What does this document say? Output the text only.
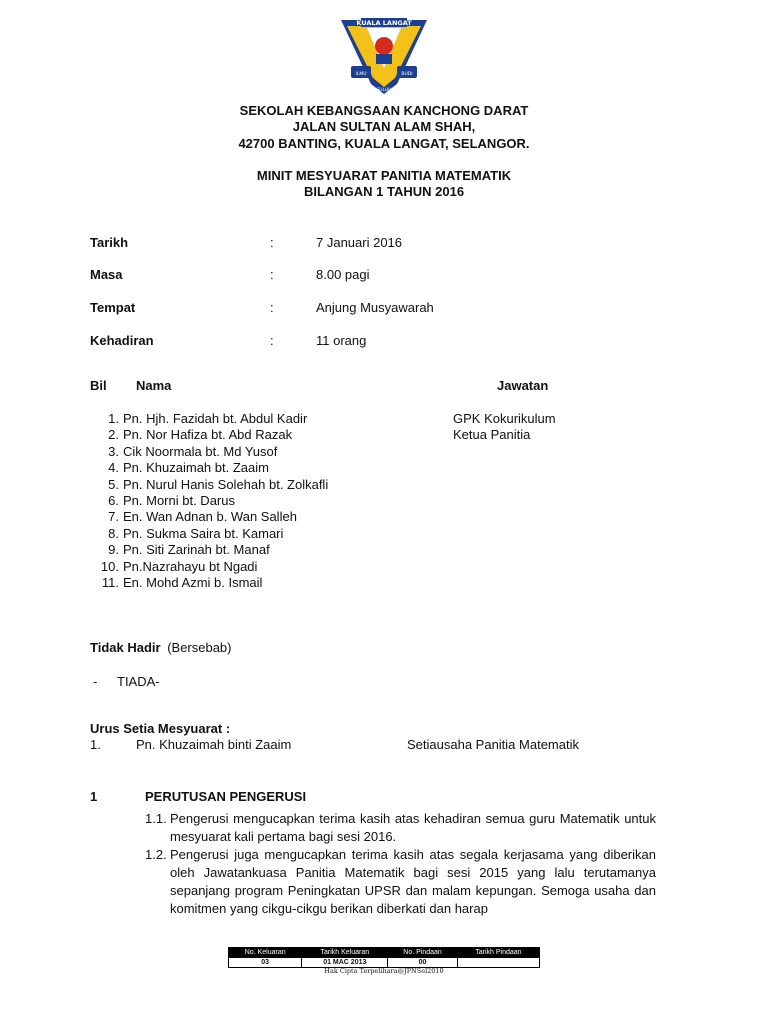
KUALA LANGAT
ILMU	BUDI
SULUH
SEKOLAH KEBANGSAAN KANCHONG DARAT
JALAN SULTAN ALAM SHAH,
42700 BANTING, KUALA LANGAT, SELANGOR.
MINIT MESYUARAT PANITIA MATEMATIK
BILANGAN 1 TAHUN 2016
Tarikh	:	7 Januari 2016
Masa	:	8.00 pagi
Tempat	:	Anjung Musyawarah
Kehadiran	:	11 orang
Bil Nama	Jawatan
1. Pn. Hjh. Fazidah bt. Abdul Kadir	GPK Kokurikulum
2. Pn. Nor Hafiza bt. Abd Razak	Ketua Panitia
3. Cik Noormala bt. Md Yusof
4. Pn. Khuzaimah bt. Zaaim
5. Pn. Nurul Hanis Solehah bt. Zolkafli
6. Pn. Morni bt. Darus
7. En. Wan Adnan b. Wan Salleh
8. Pn. Sukma Saira bt. Kamari
9. Pn. Siti Zarinah bt. Manaf
10. Pn.Nazrahayu bt Ngadi
11. En. Mohd Azmi b. Ismail
Tidak Hadir (Bersebab)
- TIADA-
Urus Setia Mesyuarat :
1.	Pn. Khuzaimah binti Zaaim	Setiausaha Panitia Matematik
1	PERUTUSAN PENGERUSI
1.1. Pengerusi mengucapkan terima kasih atas kehadiran semua guru Matematik untuk mesyuarat kali pertama bagi sesi 2016.
1.2. Pengerusi juga mengucapkan terima kasih atas segala kerjasama yang diberikan oleh Jawatankuasa Panitia Matematik bagi sesi 2015 yang lalu terutamanya sepanjang program Peningkatan UPSR dan malam kepungan. Semoga usaha dan komitmen yang cikgu-cikgu berikan diberkati dan harap
No. Keluaran	Tarikh Keluaran	No. Pindaan	Tarikh Pindaan
03	01 MAC 2013	00	
Hak Cipta Terpelihara@JPNSel2010
